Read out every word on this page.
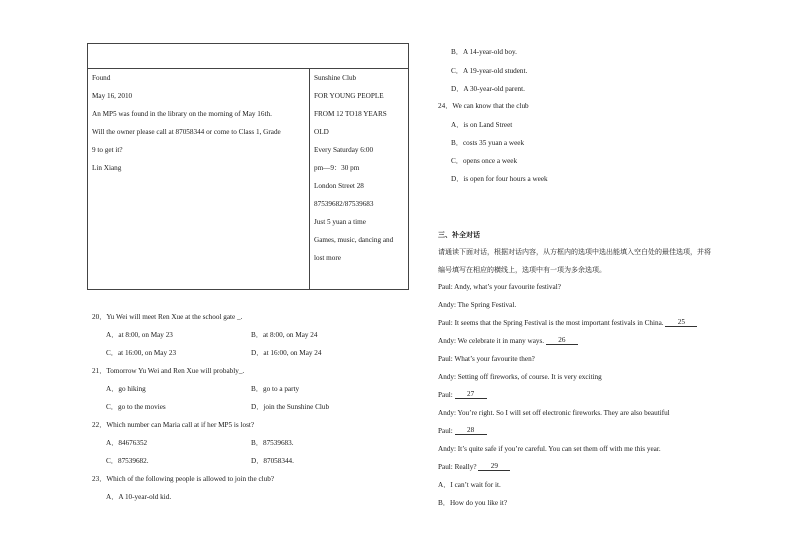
Found
May 16, 2010
An MP5 was found in the library on the morning of May 16th.
Will the owner please call at 87058344 or come to Class 1, Grade
9 to get it?
Lin Xiang
Sunshine Club
FOR YOUNG PEOPLE
FROM 12 TO18 YEARS
OLD
Every Saturday 6:00
pm—9：30 pm
London Street 28
87539682/87539683
Just 5 yuan a time
Games, music, dancing and
lost more
20．Yu Wei will meet Ren Xue at the school gate _.
A．at 8:00, on May 23	B．at 8:00, on May 24
C．at 16:00, on May 23	D．at 16:00, on May 24
21．Tomorrow Yu Wei and Ren Xue will probably_.
A．go hiking	B．go to a party
C．go to the movies	D．join the Sunshine Club
22．Which number can Maria call at if her MP5 is lost?
A．84676352	B．87539683.
C．87539682.	D．87058344.
23．Which of the following people is allowed to join the club?
A．A 10-year-old kid.
B．A 14-year-old boy.
C．A 19-year-old student.
D．A 30-year-old parent.
24．We can know that the club
A．is on Land Street
B．costs 35 yuan a week
C．opens once a week
D．is open for four hours a week
三、补全对话
请通读下面对话，根据对话内容，从方框内的选项中选出能填入空白处的最佳选项，并将
编号填写在相应的横线上，选项中有一项为多余选项。
Paul: Andy, what’s your favourite festival?
Andy: The Spring Festival.
Paul: It seems that the Spring Festival is the most important festivals in China. 25
Andy: We celebrate it in many ways. 26
Paul: What’s your favourite then?
Andy: Setting off fireworks, of course. It is very exciting
Paul: 27
Andy: You’re right. So I will set off electronic fireworks. They are also beautiful
Paul: 28
Andy: It’s quite safe if you’re careful. You can set them off with me this year.
Paul: Really? 29
A．I can’t wait for it.
B．How do you like it?
